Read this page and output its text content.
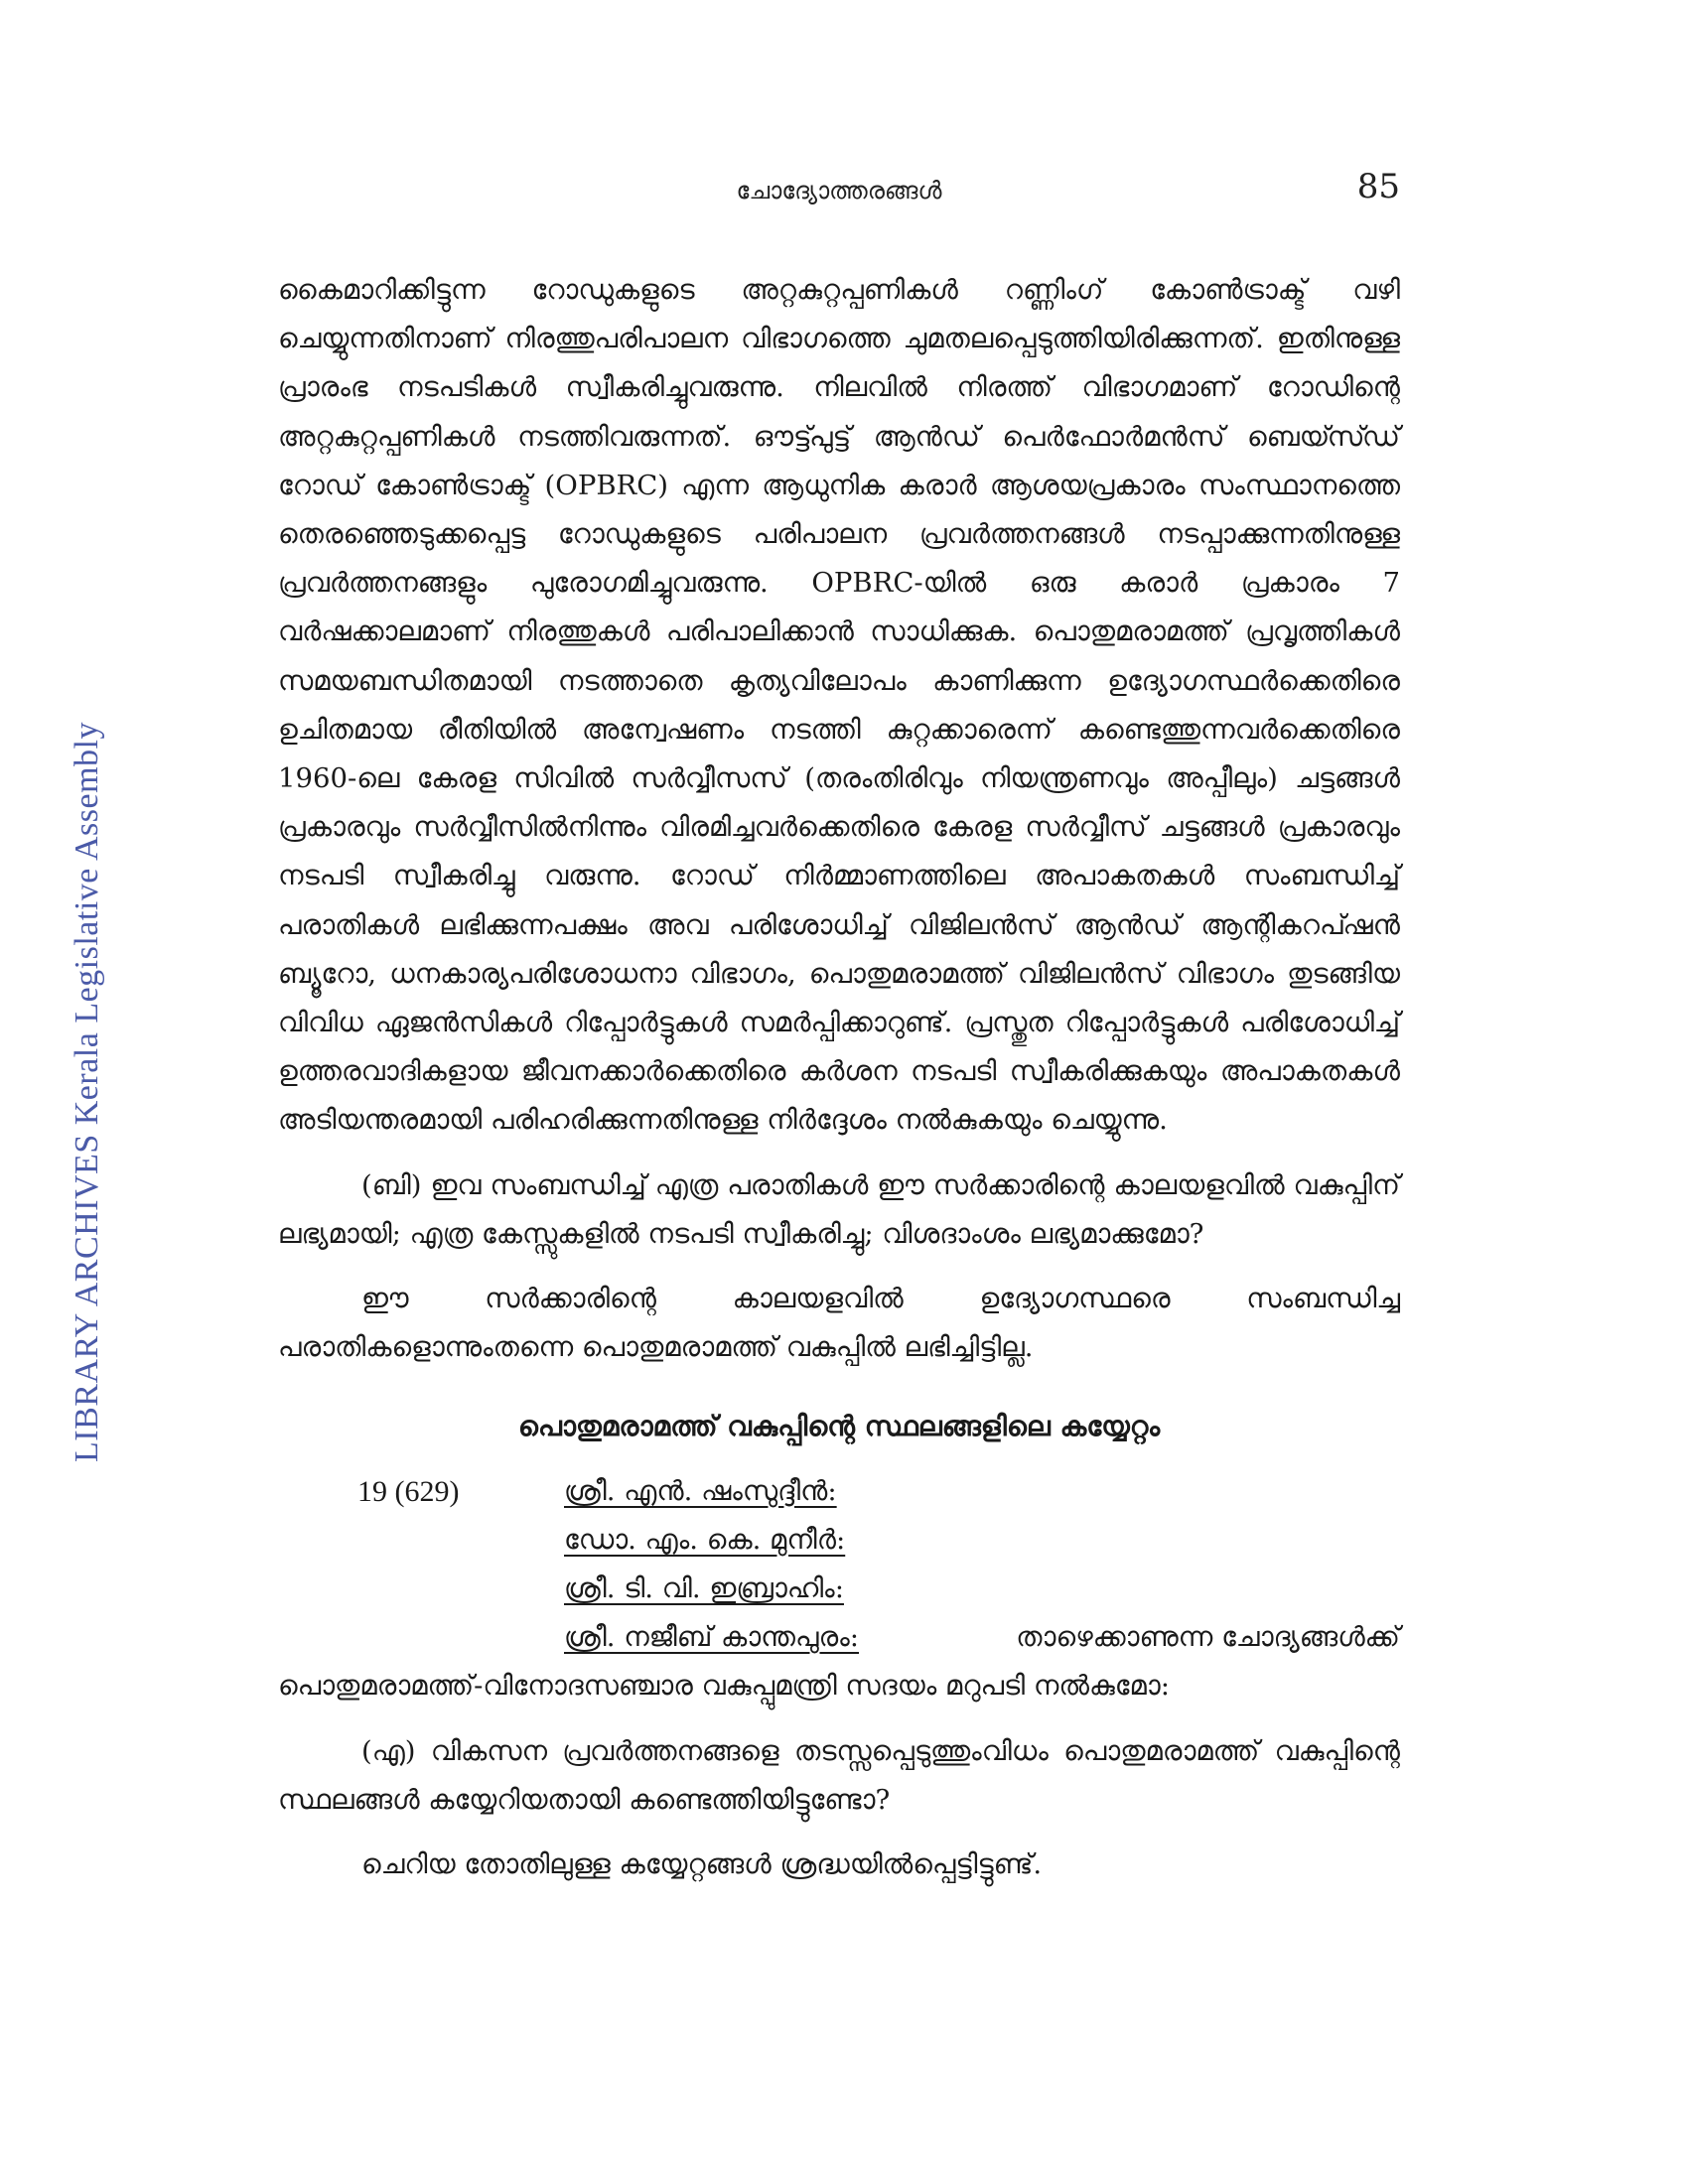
ചോദ്യോത്തരങ്ങൾ	85
LIBRARY ARCHIVES Kerala Legislative Assembly

കൈമാറിക്കിട്ടുന്ന റോഡുകളുടെ അറ്റകുറ്റപ്പണികൾ റണ്ണിംഗ് കോൺട്രാക്ട് വഴി ചെയ്യുന്നതിനാണ് നിരത്തുപരിപാലന വിഭാഗത്തെ ചുമതലപ്പെടുത്തിയിരിക്കുന്നത്. ഇതിനുള്ള പ്രാരംഭ നടപടികൾ സ്വീകരിച്ചുവരുന്നു. നിലവിൽ നിരത്ത് വിഭാഗമാണ് റോഡിന്റെ അറ്റകുറ്റപ്പണികൾ നടത്തിവരുന്നത്. ഔട്ട്പുട്ട് ആൻഡ് പെർഫോർമൻസ് ബെയ്സ്ഡ് റോഡ് കോൺട്രാക്ട് (OPBRC) എന്ന ആധുനിക കരാർ ആശയപ്രകാരം സംസ്ഥാനത്തെ തെരഞ്ഞെടുക്കപ്പെട്ട റോഡുകളുടെ പരിപാലന പ്രവർത്തനങ്ങൾ നടപ്പാക്കുന്നതിനുള്ള പ്രവർത്തനങ്ങളും പുരോഗമിച്ചുവരുന്നു. OPBRC-യിൽ ഒരു കരാർ പ്രകാരം 7 വർഷക്കാലമാണ് നിരത്തുകൾ പരിപാലിക്കാൻ സാധിക്കുക. പൊതുമരാമത്ത് പ്രവൃത്തികൾ സമയബന്ധിതമായി നടത്താതെ കൃത്യവിലോപം കാണിക്കുന്ന ഉദ്യോഗസ്ഥർക്കെതിരെ ഉചിതമായ രീതിയിൽ അന്വേഷണം നടത്തി കുറ്റക്കാരെന്ന് കണ്ടെത്തുന്നവർക്കെതിരെ 1960-ലെ കേരള സിവിൽ സർവ്വീസസ് (തരംതിരിവും നിയന്ത്രണവും അപ്പീലും) ചട്ടങ്ങൾ പ്രകാരവും സർവ്വീസിൽനിന്നും വിരമിച്ചവർക്കെതിരെ കേരള സർവ്വീസ് ചട്ടങ്ങൾ പ്രകാരവും നടപടി സ്വീകരിച്ചു വരുന്നു. റോഡ് നിർമ്മാണത്തിലെ അപാകതകൾ സംബന്ധിച്ച് പരാതികൾ ലഭിക്കുന്നപക്ഷം അവ പരിശോധിച്ച് വിജിലൻസ് ആൻഡ് ആന്റികറപ്ഷൻ ബ്യൂറോ, ധനകാര്യപരിശോധനാ വിഭാഗം, പൊതുമരാമത്ത് വിജിലൻസ് വിഭാഗം തുടങ്ങിയ വിവിധ ഏജൻസികൾ റിപ്പോർട്ടുകൾ സമർപ്പിക്കാറുണ്ട്. പ്രസ്തുത റിപ്പോർട്ടുകൾ പരിശോധിച്ച് ഉത്തരവാദികളായ ജീവനക്കാർക്കെതിരെ കർശന നടപടി സ്വീകരിക്കുകയും അപാകതകൾ അടിയന്തരമായി പരിഹരിക്കുന്നതിനുള്ള നിർദ്ദേശം നൽകുകയും ചെയ്യുന്നു.

(ബി) ഇവ സംബന്ധിച്ച് എത്ര പരാതികൾ ഈ സർക്കാരിന്റെ കാലയളവിൽ വകുപ്പിന് ലഭ്യമായി; എത്ര കേസ്സുകളിൽ നടപടി സ്വീകരിച്ചു; വിശദാംശം ലഭ്യമാക്കുമോ?

ഈ സർക്കാരിന്റെ കാലയളവിൽ ഉദ്യോഗസ്ഥരെ സംബന്ധിച്ച പരാതികളൊന്നുംതന്നെ പൊതുമരാമത്ത് വകുപ്പിൽ ലഭിച്ചിട്ടില്ല.

പൊതുമരാമത്ത് വകുപ്പിന്റെ സ്ഥലങ്ങളിലെ കയ്യേറ്റം
19 (629)	ശ്രീ. എൻ. ഷംസുദ്ദീൻ:
ഡോ. എം. കെ. മുനീർ:
ശ്രീ. ടി. വി. ഇബ്രാഹിം:
ശ്രീ. നജീബ് കാന്തപുരം:	താഴെക്കാണുന്ന ചോദ്യങ്ങൾക്ക്

പൊതുമരാമത്ത്-വിനോദസഞ്ചാര വകുപ്പുമന്ത്രി സദയം മറുപടി നൽകുമോ:

(എ) വികസന പ്രവർത്തനങ്ങളെ തടസ്സപ്പെടുത്തുംവിധം പൊതുമരാമത്ത് വകുപ്പിന്റെ സ്ഥലങ്ങൾ കയ്യേറിയതായി കണ്ടെത്തിയിട്ടുണ്ടോ?

ചെറിയ തോതിലുള്ള കയ്യേറ്റങ്ങൾ ശ്രദ്ധയിൽപ്പെട്ടിട്ടുണ്ട്.
